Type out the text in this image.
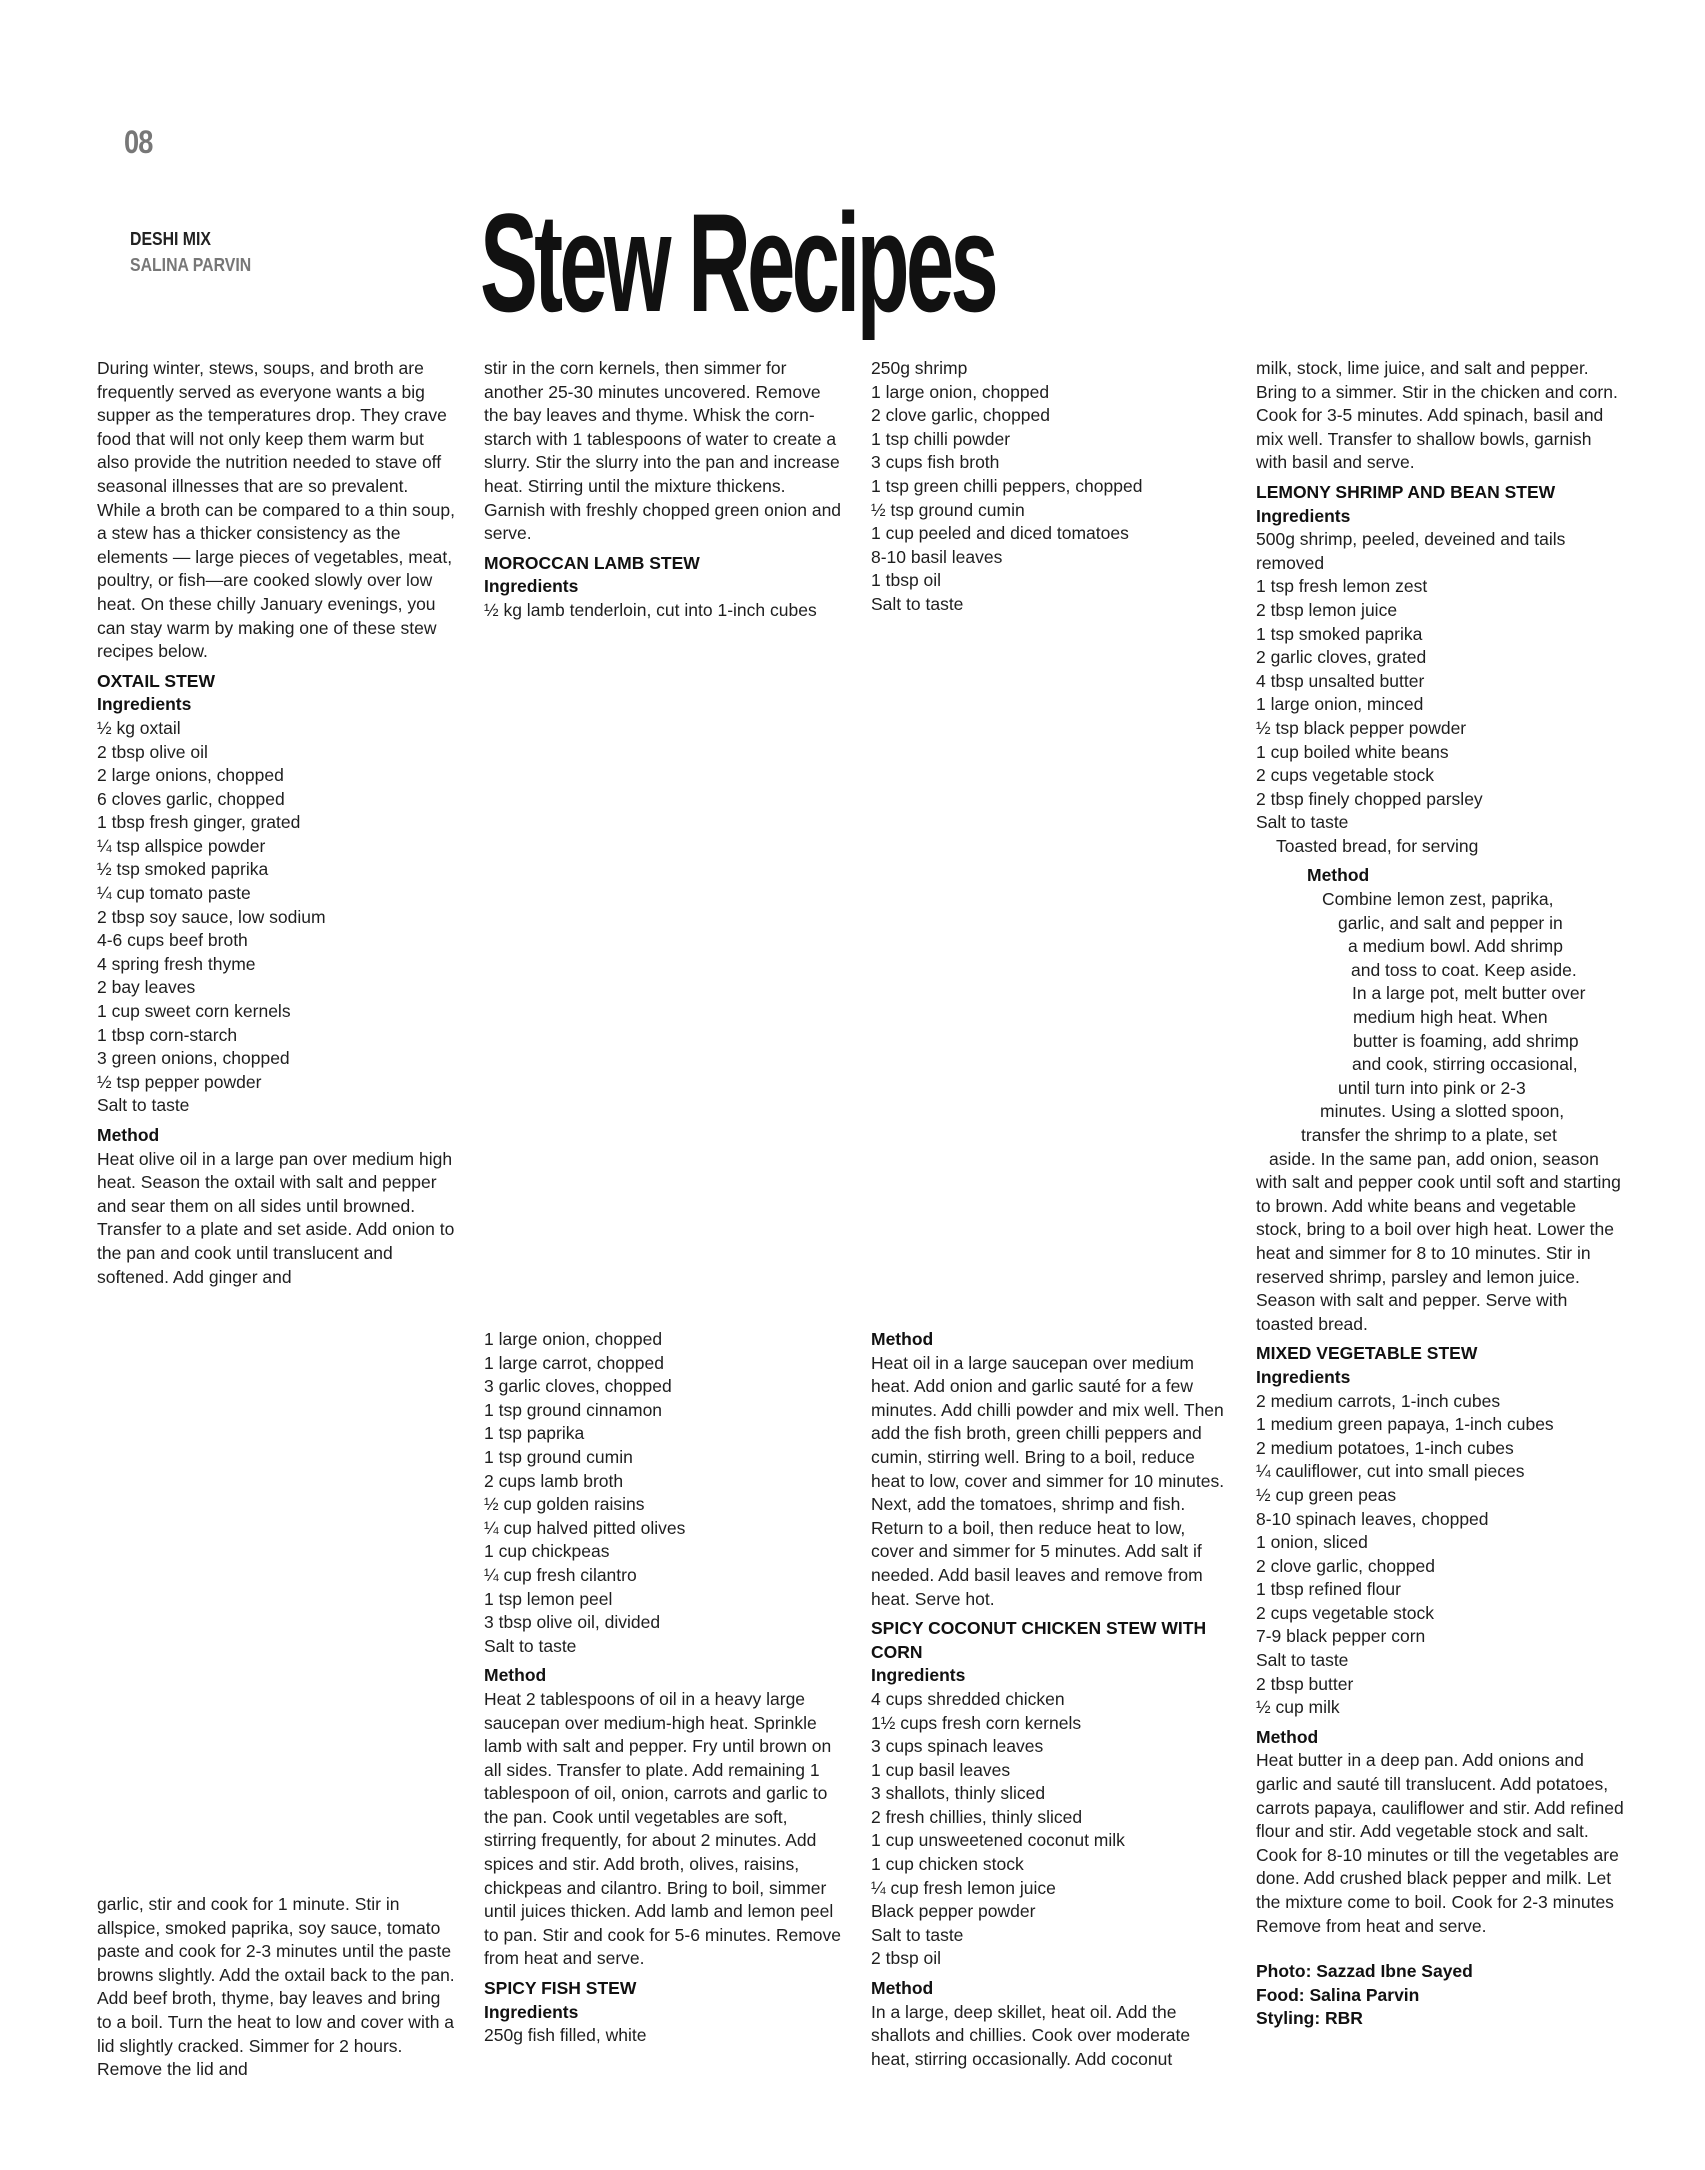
08
DESHI MIX
SALINA PARVIN Stew Recipes

During winter, stews, soups, and broth are frequently served as everyone wants a big supper as the temperatures drop. They crave food that will not only keep them warm but also provide the nutrition needed to stave off seasonal illnesses that are so prevalent. While a broth can be compared to a thin soup, a stew has a thicker consistency as the elements — large pieces of vegetables, meat, poultry, or fish—are cooked slowly over low heat. On these chilly January evenings, you can stay warm by making one of these stew recipes below.

OXTAIL STEW
Ingredients
½ kg oxtail
2 tbsp olive oil
2 large onions, chopped
6 cloves garlic, chopped
1 tbsp fresh ginger, grated
¼ tsp allspice powder
½ tsp smoked paprika
¼ cup tomato paste
2 tbsp soy sauce, low sodium
4-6 cups beef broth
4 spring fresh thyme
2 bay leaves
1 cup sweet corn kernels
1 tbsp corn-starch
3 green onions, chopped
½ tsp pepper powder
Salt to taste
Method

Heat olive oil in a large pan over medium high heat. Season the oxtail with salt and pepper and sear them on all sides until browned. Transfer to a plate and set aside. Add onion to the pan and cook until translucent and softened. Add ginger and

garlic, stir and cook for 1 minute. Stir in allspice, smoked paprika, soy sauce, tomato paste and cook for 2-3 minutes until the paste browns slightly. Add the oxtail back to the pan. Add beef broth, thyme, bay leaves and bring to a boil. Turn the heat to low and cover with a lid slightly cracked. Simmer for 2 hours. Remove the lid and

stir in the corn kernels, then simmer for another 25-30 minutes uncovered. Remove the bay leaves and thyme. Whisk the corn-starch with 1 tablespoons of water to create a slurry. Stir the slurry into the pan and increase heat. Stirring until the mixture thickens. Garnish with freshly chopped green onion and serve.

MOROCCAN LAMB STEW
Ingredients
½ kg lamb tenderloin, cut into 1-inch cubes
1 large onion, chopped
1 large carrot, chopped
3 garlic cloves, chopped
1 tsp ground cinnamon
1 tsp paprika
1 tsp ground cumin
2 cups lamb broth
½ cup golden raisins
¼ cup halved pitted olives
1 cup chickpeas
¼ cup fresh cilantro
1 tsp lemon peel
3 tbsp olive oil, divided
Salt to taste
Method

Heat 2 tablespoons of oil in a heavy large saucepan over medium-high heat. Sprinkle lamb with salt and pepper. Fry until brown on all sides. Transfer to plate. Add remaining 1 tablespoon of oil, onion, carrots and garlic to the pan. Cook until vegetables are soft, stirring frequently, for about 2 minutes. Add spices and stir. Add broth, olives, raisins, chickpeas and cilantro. Bring to boil, simmer until juices thicken. Add lamb and lemon peel to pan. Stir and cook for 5-6 minutes. Remove from heat and serve.

SPICY FISH STEW
Ingredients
250g fish filled, white
250g shrimp
1 large onion, chopped
2 clove garlic, chopped
1 tsp chilli powder
3 cups fish broth
1 tsp green chilli peppers, chopped
½ tsp ground cumin
1 cup peeled and diced tomatoes
8-10 basil leaves
1 tbsp oil
Salt to taste
Method

Heat oil in a large saucepan over medium heat. Add onion and garlic sauté for a few minutes. Add chilli powder and mix well. Then add the fish broth, green chilli peppers and cumin, stirring well. Bring to a boil, reduce heat to low, cover and simmer for 10 minutes. Next, add the tomatoes, shrimp and fish. Return to a boil, then reduce heat to low, cover and simmer for 5 minutes. Add salt if needed. Add basil leaves and remove from heat. Serve hot.

SPICY COCONUT CHICKEN STEW WITH CORN
Ingredients
4 cups shredded chicken
1½ cups fresh corn kernels
3 cups spinach leaves
1 cup basil leaves
3 shallots, thinly sliced
2 fresh chillies, thinly sliced
1 cup unsweetened coconut milk
1 cup chicken stock
¼ cup fresh lemon juice
Black pepper powder
Salt to taste
2 tbsp oil
Method

In a large, deep skillet, heat oil. Add the shallots and chillies. Cook over moderate heat, stirring occasionally. Add coconut

milk, stock, lime juice, and salt and pepper. Bring to a simmer. Stir in the chicken and corn. Cook for 3-5 minutes. Add spinach, basil and mix well. Transfer to shallow bowls, garnish with basil and serve.

LEMONY SHRIMP AND BEAN STEW
Ingredients
500g shrimp, peeled, deveined and tails removed
1 tsp fresh lemon zest
2 tbsp lemon juice
1 tsp smoked paprika
2 garlic cloves, grated
4 tbsp unsalted butter
1 large onion, minced
½ tsp black pepper powder
1 cup boiled white beans
2 cups vegetable stock
2 tbsp finely chopped parsley
Salt to taste
Toasted bread, for serving
Method

Combine lemon zest, paprika,

garlic, and salt and pepper in

a medium bowl. Add shrimp

and toss to coat. Keep aside.

In a large pot, melt butter over

medium high heat. When

butter is foaming, add shrimp

and cook, stirring occasional,

until turn into pink or 2-3

minutes. Using a slotted spoon,

transfer the shrimp to a plate, set

aside. In the same pan, add onion, season

with salt and pepper cook until soft and starting to brown. Add white beans and vegetable stock, bring to a boil over high heat. Lower the heat and simmer for 8 to 10 minutes. Stir in reserved shrimp, parsley and lemon juice. Season with salt and pepper. Serve with toasted bread.

MIXED VEGETABLE STEW
Ingredients
2 medium carrots, 1-inch cubes
1 medium green papaya, 1-inch cubes
2 medium potatoes, 1-inch cubes
¼ cauliflower, cut into small pieces
½ cup green peas
8-10 spinach leaves, chopped
1 onion, sliced
2 clove garlic, chopped
1 tbsp refined flour
2 cups vegetable stock
7-9 black pepper corn
Salt to taste
2 tbsp butter
½ cup milk
Method

Heat butter in a deep pan. Add onions and garlic and sauté till translucent. Add potatoes, carrots papaya, cauliflower and stir. Add refined flour and stir. Add vegetable stock and salt. Cook for 8-10 minutes or till the vegetables are done. Add crushed black pepper and milk. Let the mixture come to boil. Cook for 2-3 minutes Remove from heat and serve.

Photo: Sazzad Ibne Sayed

Food: Salina Parvin

Styling: RBR
